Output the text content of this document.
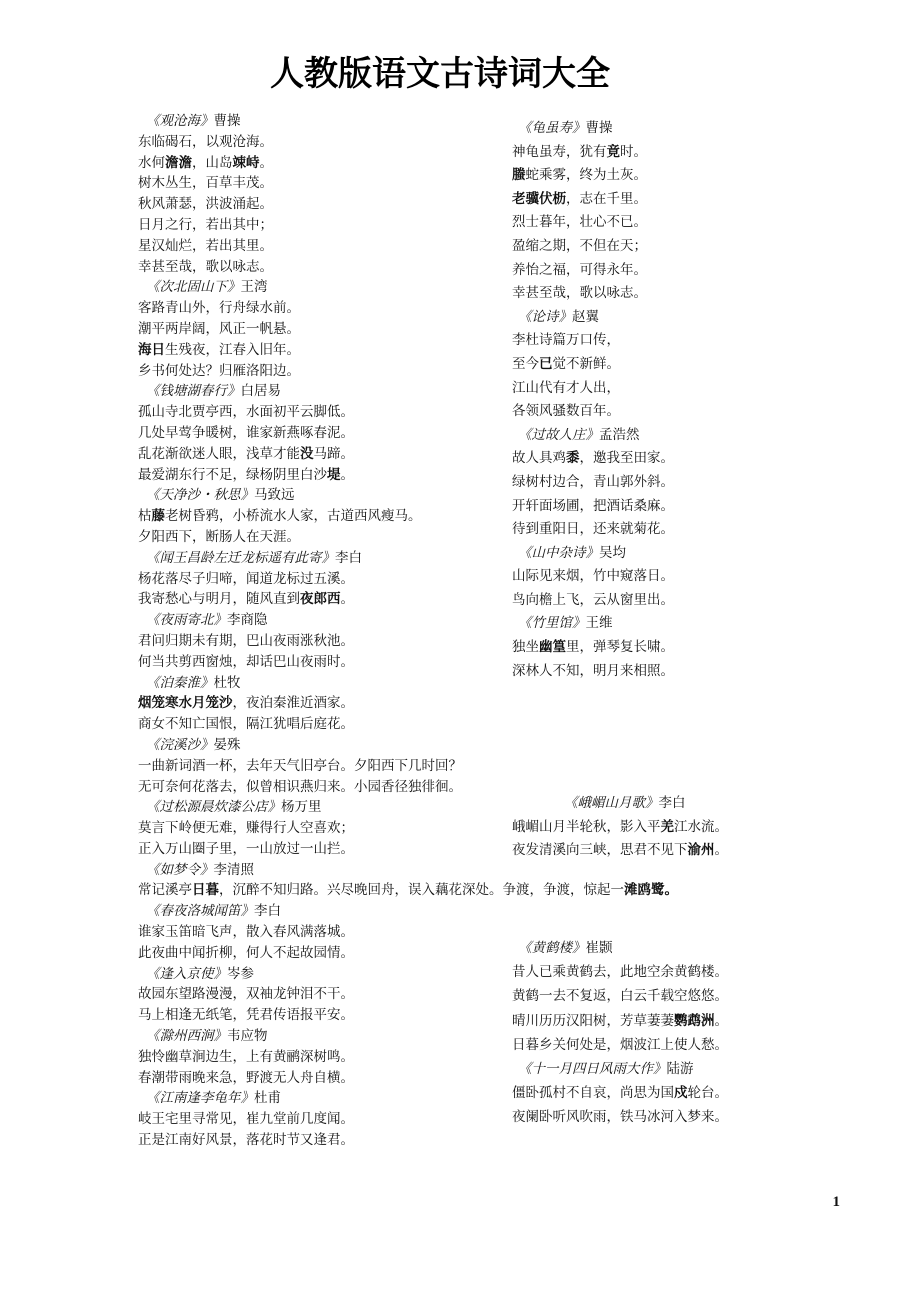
人教版语文古诗词大全
《观沧海》曹操
东临碣石，以观沧海。
水何澹澹，山岛竦峙。
树木丛生，百草丰茂。
秋风萧瑟，洪波涌起。
日月之行，若出其中；
星汉灿烂，若出其里。
幸甚至哉，歌以咏志。
《次北固山下》王湾
客路青山外，行舟绿水前。
潮平两岸阔，风正一帆悬。
海日生残夜，江春入旧年。
乡书何处达？归雁洛阳边。
《钱塘湖春行》白居易
孤山寺北贾亭西，水面初平云脚低。
几处早莺争暖树，谁家新燕啄春泥。
乱花渐欲迷人眼，浅草才能没马蹄。
最爱湖东行不足，绿杨阴里白沙堤。
《天净沙・秋思》马致远
枯藤老树昏鸦，小桥流水人家，古道西风瘦马。
夕阳西下，断肠人在天涯。
《闻王昌龄左迁龙标遥有此寄》李白
杨花落尽子归啼，闻道龙标过五溪。
我寄愁心与明月，随风直到夜郎西。
《夜雨寄北》李商隐
君问归期未有期，巴山夜雨涨秋池。
何当共剪西窗烛，却话巴山夜雨时。
《泊秦淮》杜牧
烟笼寒水月笼沙，夜泊秦淮近酒家。
商女不知亡国恨，隔江犹唱后庭花。
《浣溪沙》晏殊
一曲新词酒一杯，去年天气旧亭台。夕阳西下几时回？
无可奈何花落去，似曾相识燕归来。小园香径独徘徊。
《过松源晨炊漆公店》杨万里
莫言下岭便无难，赚得行人空喜欢；
正入万山圈子里，一山放过一山拦。
《如梦令》李清照
常记溪亭日暮，沉醉不知归路。兴尽晚回舟，误入藕花深处。争渡，争渡，惊起一滩鸥鹭。
《春夜洛城闻笛》李白
谁家玉笛暗飞声，散入春风满落城。
此夜曲中闻折柳，何人不起故园情。
《逢入京使》岑参
故园东望路漫漫，双袖龙钟泪不干。
马上相逢无纸笔，凭君传语报平安。
《滁州西涧》韦应物
独怜幽草涧边生，上有黄鹂深树鸣。
春潮带雨晚来急，野渡无人舟自横。
《江南逢李龟年》杜甫
岐王宅里寻常见，崔九堂前几度闻。
正是江南好风景，落花时节又逢君。
《龟虽寿》曹操
神龟虽寿，犹有竟时。
螣蛇乘雾，终为土灰。
老骥伏枥，志在千里。
烈士暮年，壮心不已。
盈缩之期，不但在天；
养怡之福，可得永年。
幸甚至哉，歌以咏志。
《论诗》赵翼
李杜诗篇万口传，
至今已觉不新鲜。
江山代有才人出，
各领风骚数百年。
《过故人庄》孟浩然
故人具鸡黍，邀我至田家。
绿树村边合，青山郭外斜。
开轩面场圃，把酒话桑麻。
待到重阳日，还来就菊花。
《山中杂诗》吴均
山际见来烟，竹中窥落日。
鸟向檐上飞，云从窗里出。
《竹里馆》王维
独坐幽篁里，弹琴复长啸。
深林人不知，明月来相照。
《峨嵋山月歌》李白
峨嵋山月半轮秋，影入平羌江水流。
夜发清溪向三峡，思君不见下渝州。
《黄鹤楼》崔颢
昔人已乘黄鹤去，此地空余黄鹤楼。
黄鹤一去不复返，白云千载空悠悠。
晴川历历汉阳树，芳草萋萋鹦鹉洲。
日暮乡关何处是，烟波江上使人愁。
《十一月四日风雨大作》陆游
僵卧孤村不自哀，尚思为国戍轮台。
夜阑卧听风吹雨，铁马冰河入梦来。
1
